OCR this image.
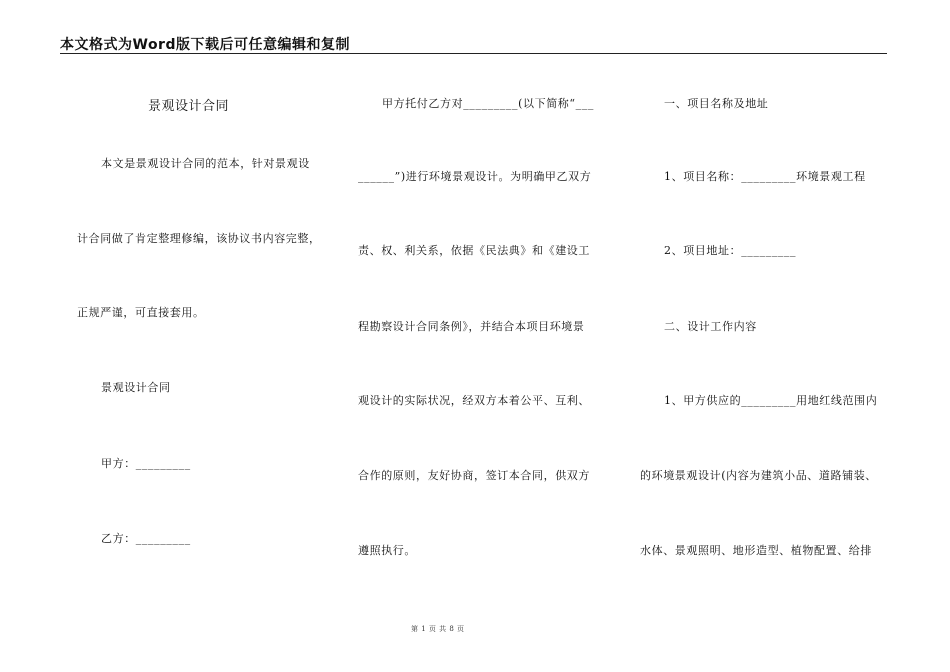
本文格式为Word版下载后可任意编辑和复制
景观设计合同
本文是景观设计合同的范本，针对景观设
计合同做了肯定整理修编，该协议书内容完整，
正规严谨，可直接套用。
景观设计合同
甲方：_________
乙方：_________
甲方托付乙方对_________(以下简称“___
______”)进行环境景观设计。为明确甲乙双方
责、权、利关系，依据《民法典》和《建设工
程勘察设计合同条例》，并结合本项目环境景
观设计的实际状况，经双方本着公平、互利、
合作的原则，友好协商，签订本合同，供双方
遵照执行。
一、项目名称及地址
1、项目名称：_________环境景观工程
2、项目地址：_________
二、设计工作内容
1、甲方供应的_________用地红线范围内
的环境景观设计(内容为建筑小品、道路铺装、
水体、景观照明、地形造型、植物配置、给排
第 1 页 共 8 页
